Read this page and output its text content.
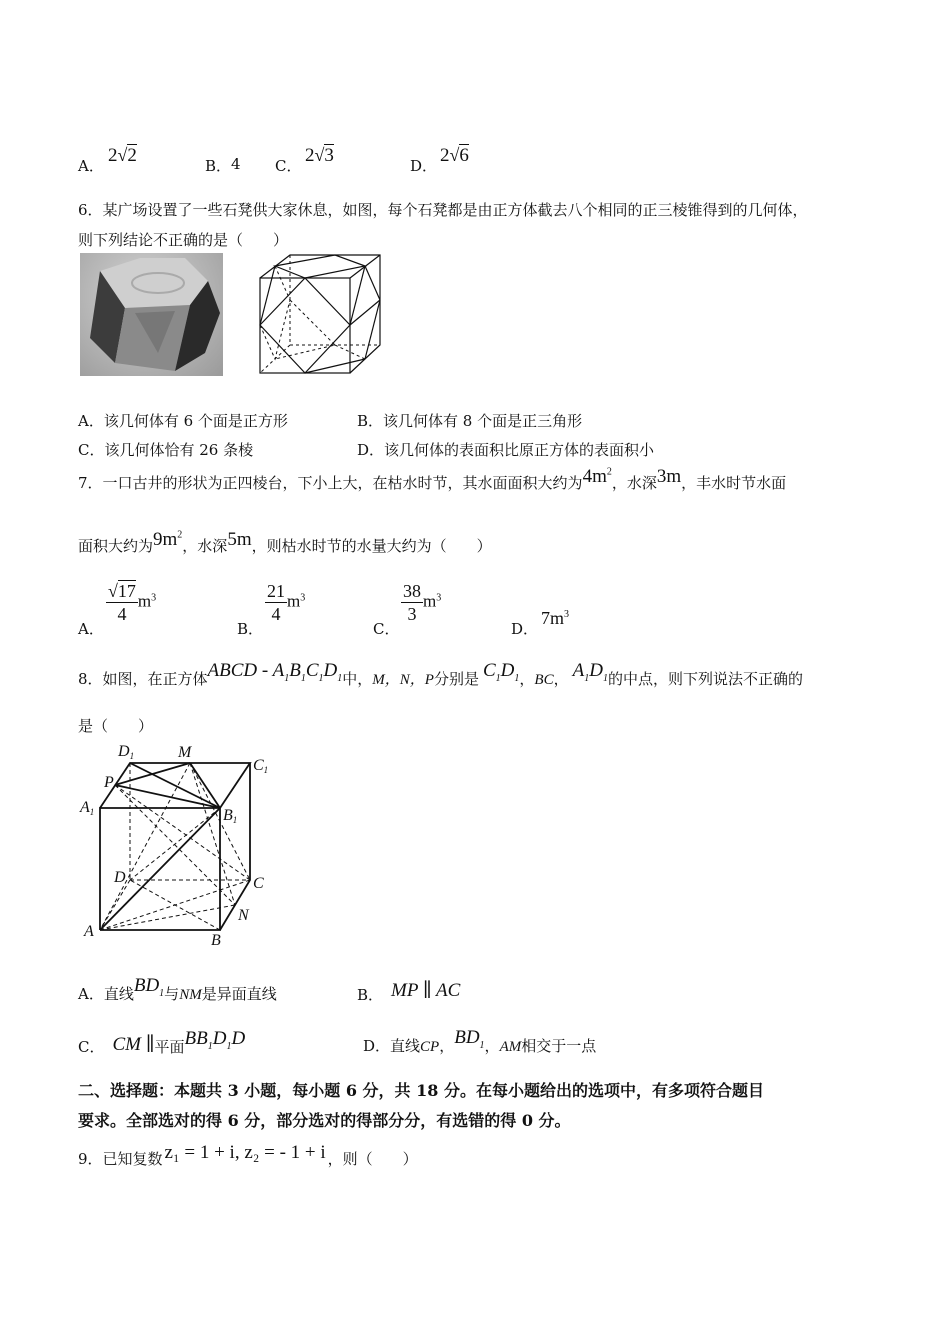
A． 2√2	B． 4 C． 2√3	D． 2√6
6．某广场设置了一些石凳供大家休息，如图，每个石凳都是由正方体截去八个相同的正三棱锥得到的几何体，
则下列结论不正确的是（　　）
A．该几何体有 6 个面是正方形	B．该几何体有 8 个面是正三角形
C．该几何体恰有 26 条棱	D．该几何体的表面积比原正方体的表面积小
7．一口古井的形状为正四棱台，下小上大，在枯水时节，其水面面积大约为$4m^2$，水深3m，丰水时节水面
面积大约为$9m^2$，水深5m，则枯水时节的水量大约为（　　）
A．
$\frac{√17}{4} m^3$
B．
$\frac{21}{4} m^3$
C．
$\frac{38}{3} m^3$
D．
$7m^3$
8．如图，在正方体ABCD - $A_1B_1C_1D_1$中，M，N，P分别是 $C_1D_1$，BC， $A_1D_1$的中点，则下列说法不正确的
是（　　）
D1	M
C1
P
A1	B1
D	C
N
A
B
A．直线$BD_1$与NM是异面直线	B． MP ∥ AC
C． CM ∥平面$BB_1D_1D$	D．直线CP，$BD_1$，AM相交于一点
二、选择题：本题共 3 小题，每小题 6 分，共 18 分。在每小题给出的选项中，有多项符合题目
要求。全部选对的得 6 分，部分选对的得部分分，有选错的得 0 分。
9．已知复数 z₁ = 1 + i, z₂ = - 1 + i ，则（　　）
